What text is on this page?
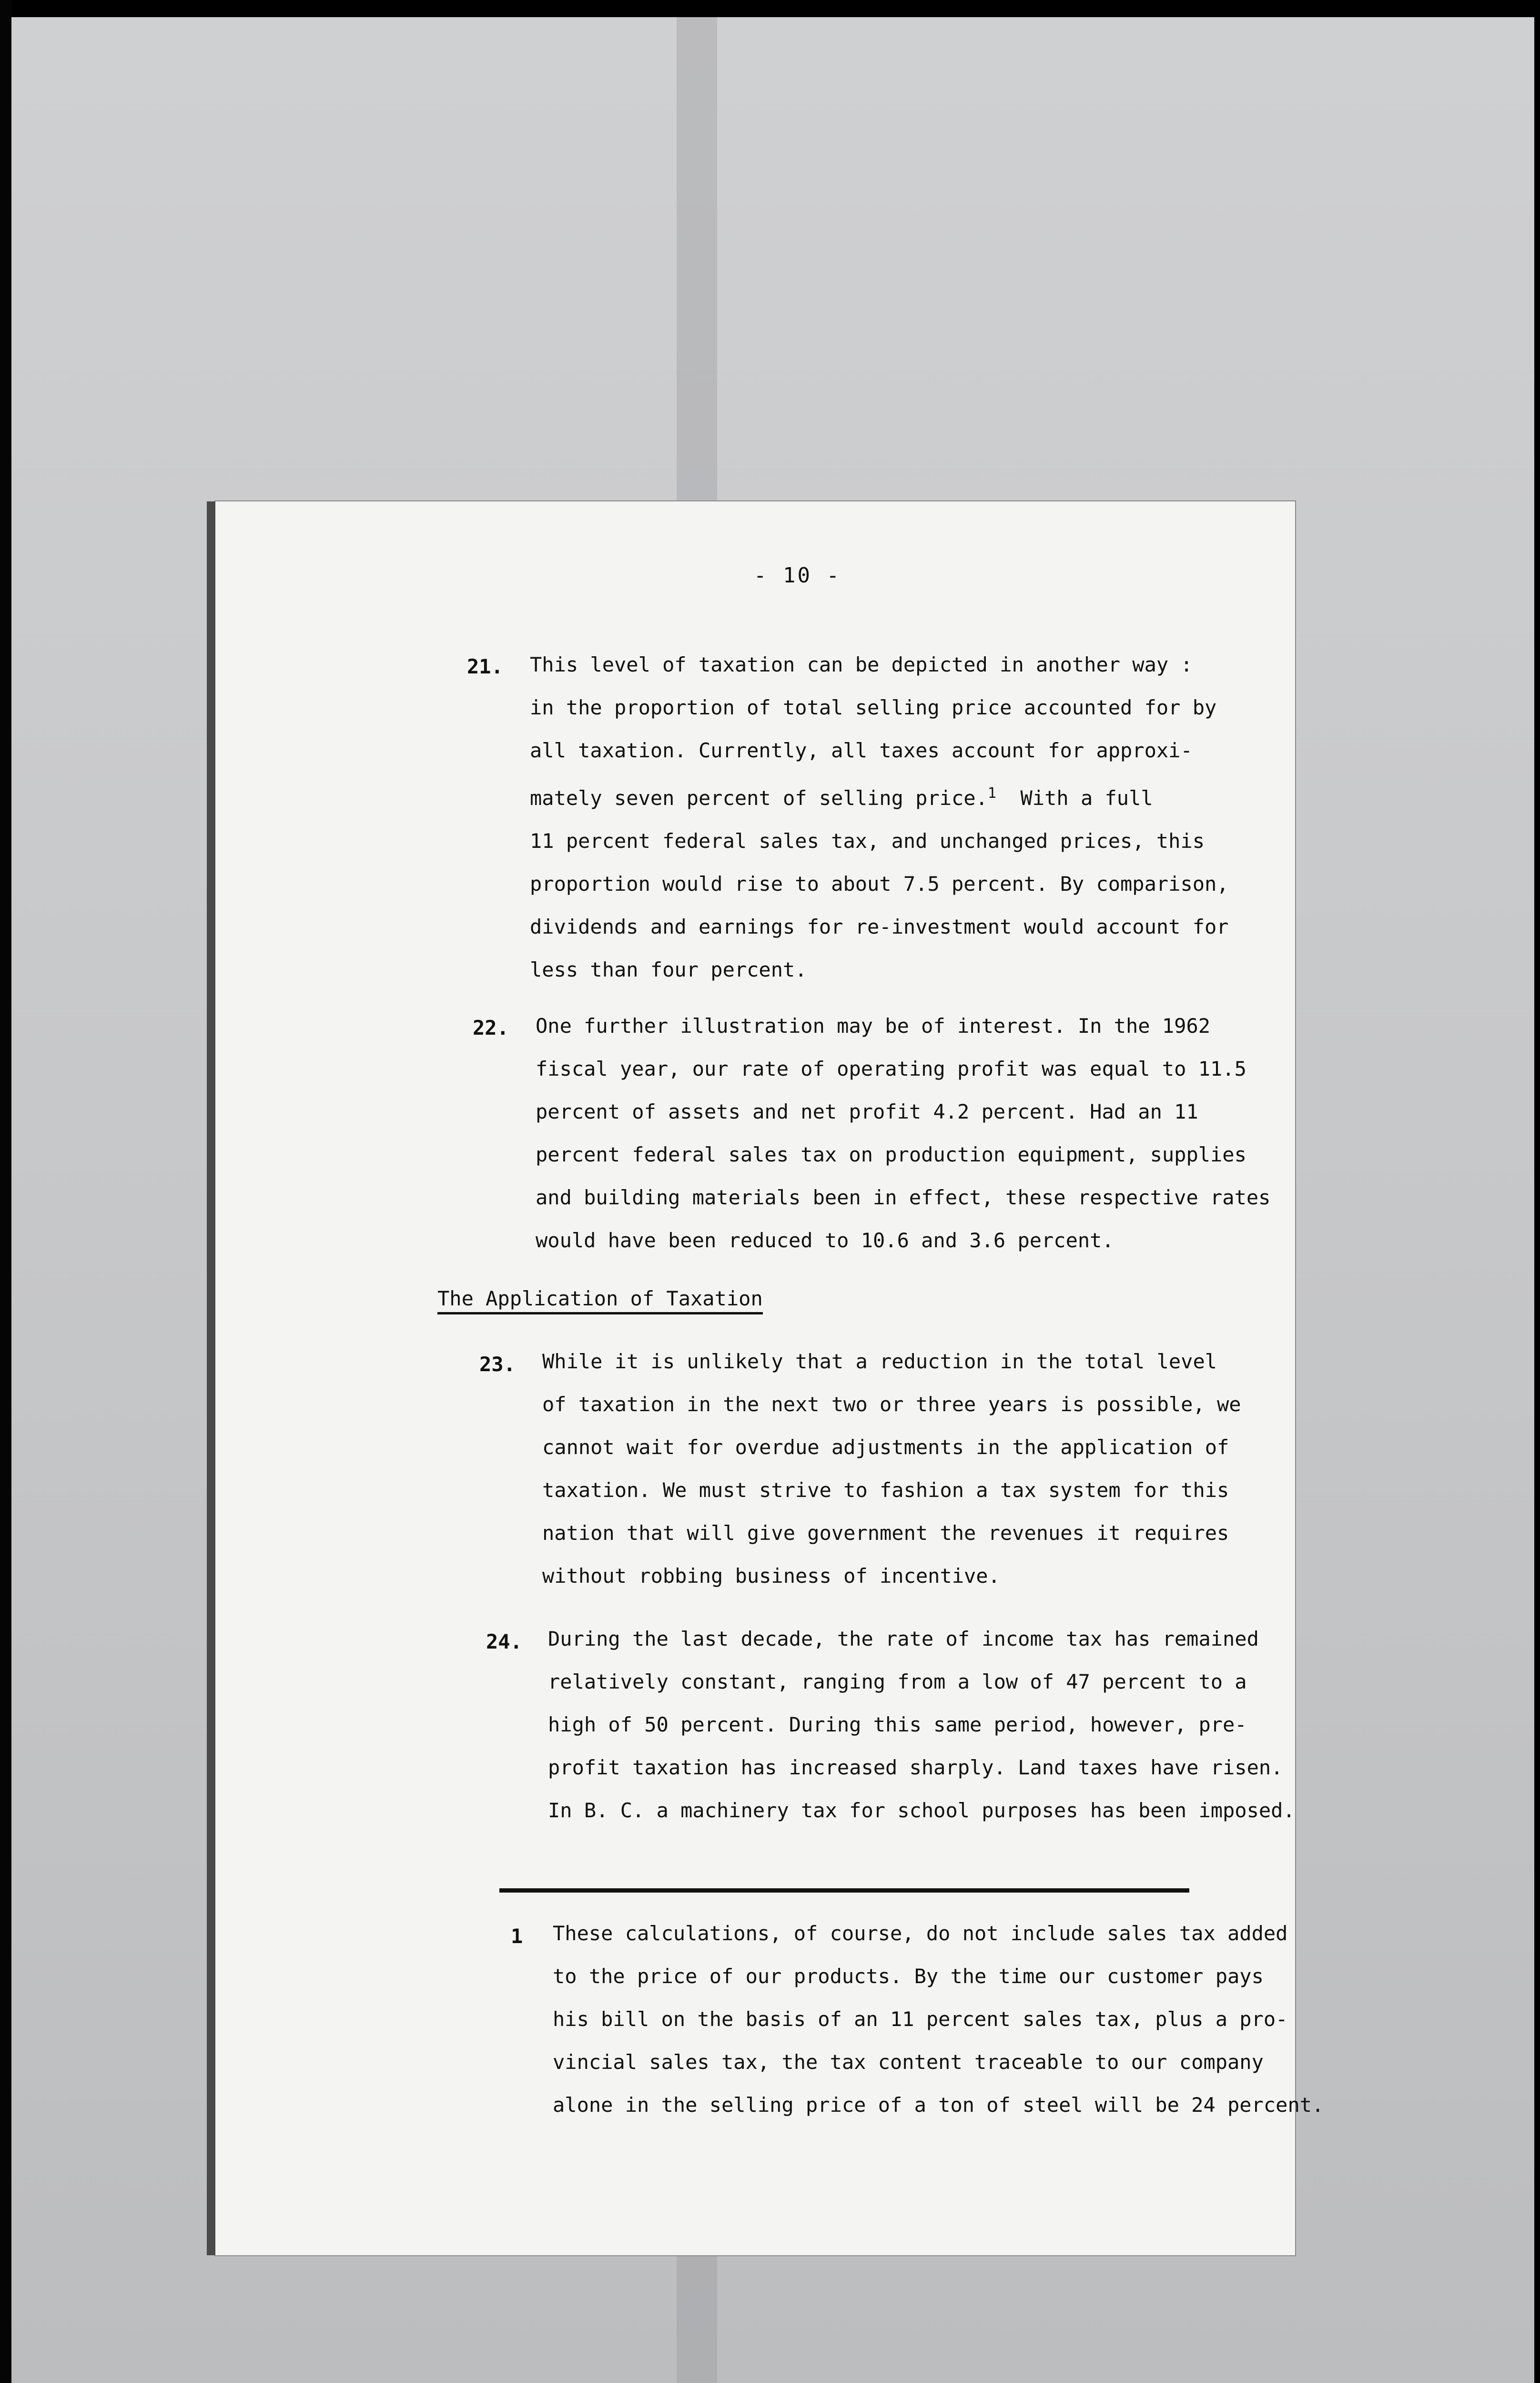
- 10 -
21. This level of taxation can be depicted in another way :

in the proportion of total selling price accounted for by

all taxation. Currently, all taxes account for approxi-

mately seven percent of selling price.$^1$ With a full

11 percent federal sales tax, and unchanged prices, this

proportion would rise to about 7.5 percent. By comparison,

dividends and earnings for re-investment would account for

less than four percent.

22. One further illustration may be of interest. In the 1962

fiscal year, our rate of operating profit was equal to 11.5

percent of assets and net profit 4.2 percent. Had an 11

percent federal sales tax on production equipment, supplies

and building materials been in effect, these respective rates

would have been reduced to 10.6 and 3.6 percent.

The Application of Taxation
23. While it is unlikely that a reduction in the total level

of taxation in the next two or three years is possible, we

cannot wait for overdue adjustments in the application of

taxation. We must strive to fashion a tax system for this

nation that will give government the revenues it requires

without robbing business of incentive.

24. During the last decade, the rate of income tax has remained

relatively constant, ranging from a low of 47 percent to a

high of 50 percent. During this same period, however, pre-

profit taxation has increased sharply. Land taxes have risen.

In B. C. a machinery tax for school purposes has been imposed.

1 These calculations, of course, do not include sales tax added

to the price of our products. By the time our customer pays

his bill on the basis of an 11 percent sales tax, plus a pro-

vincial sales tax, the tax content traceable to our company

alone in the selling price of a ton of steel will be 24 percent.
